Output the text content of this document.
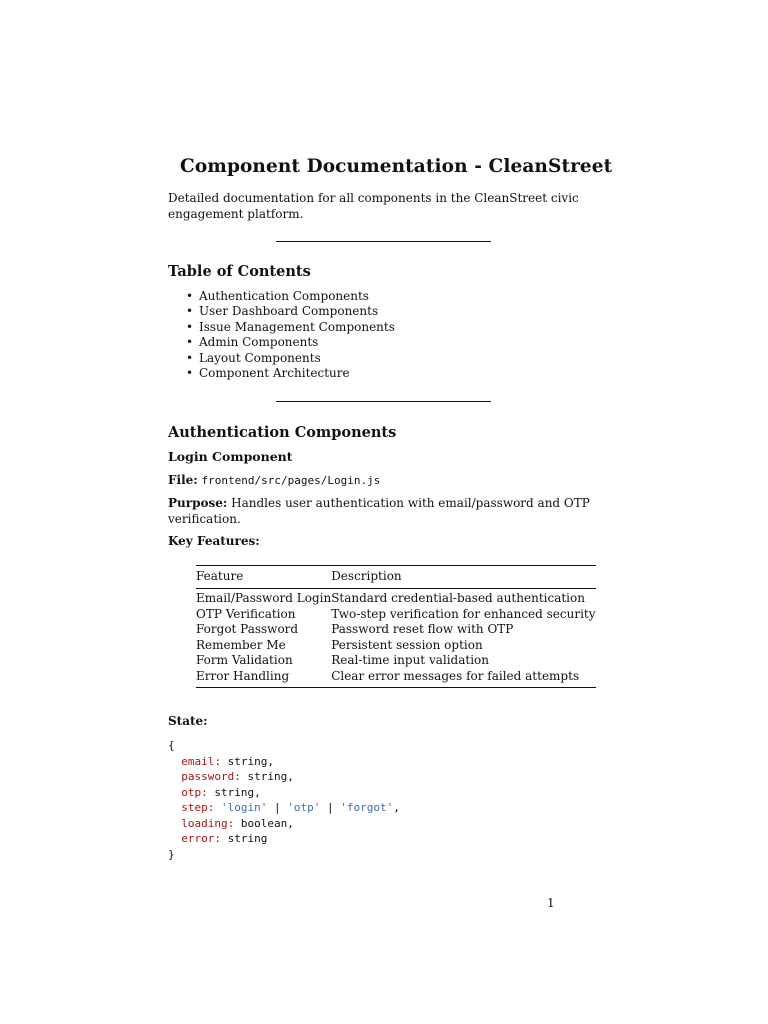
Component Documentation - CleanStreet

Detailed documentation for all components in the CleanStreet civic engagement platform.

Table of Contents
• Authentication Components
• User Dashboard Components
• Issue Management Components
• Admin Components
• Layout Components
• Component Architecture
Authentication Components
Login Component

File: frontend/src/pages/Login.js

Purpose: Handles user authentication with email/password and OTP verification.

Key Features:

Feature	Description
Email/Password Login	Standard credential-based authentication
OTP Verification	Two-step verification for enhanced security
Forgot Password	Password reset flow with OTP
Remember Me	Persistent session option
Form Validation	Real-time input validation
Error Handling	Clear error messages for failed attempts

State:

{
email: string,
password: string,
otp: string,
step: 'login' | 'otp' | 'forgot',
loading: boolean,
error: string
}

1
